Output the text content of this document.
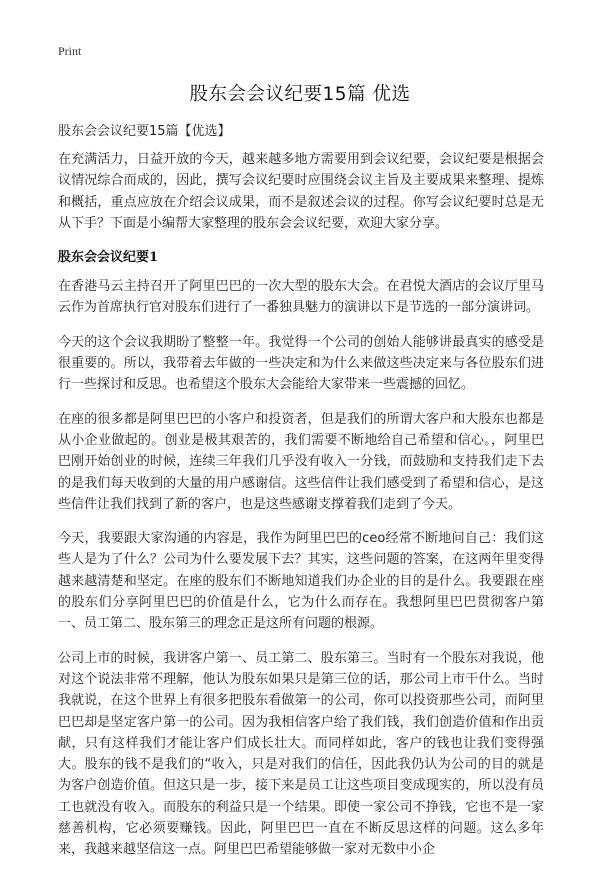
Print
股东会会议纪要15篇 优选
股东会会议纪要15篇【优选】

在充满活力，日益开放的今天，越来越多地方需要用到会议纪要，会议纪要是根据会议情况综合而成的，因此，撰写会议纪要时应围绕会议主旨及主要成果来整理、提炼和概括，重点应放在介绍会议成果，而不是叙述会议的过程。你写会议纪要时总是无从下手？下面是小编帮大家整理的股东会会议纪要，欢迎大家分享。

股东会会议纪要1

在香港马云主持召开了阿里巴巴的一次大型的股东大会。在君悦大酒店的会议厅里马云作为首席执行官对股东们进行了一番独具魅力的演讲以下是节选的一部分演讲词。

今天的这个会议我期盼了整整一年。我觉得一个公司的创始人能够讲最真实的感受是很重要的。所以，我带着去年做的一些决定和为什么来做这些决定来与各位股东们进行一些探讨和反思。也希望这个股东大会能给大家带来一些震撼的回忆。

在座的很多都是阿里巴巴的小客户和投资者，但是我们的所谓大客户和大股东也都是从小企业做起的。创业是极其艰苦的，我们需要不断地给自己希望和信心。，阿里巴巴刚开始创业的时候，连续三年我们几乎没有收入一分钱，而鼓励和支持我们走下去的是我们每天收到的大量的用户感谢信。这些信件让我们感受到了希望和信心，是这些信件让我们找到了新的客户，也是这些感谢支撑着我们走到了今天。

今天，我要跟大家沟通的内容是，我作为阿里巴巴的ceo经常不断地问自己：我们这些人是为了什么？公司为什么要发展下去？其实，这些问题的答案，在这两年里变得越来越清楚和坚定。在座的股东们不断地知道我们办企业的目的是什么。我要跟在座的股东们分享阿里巴巴的价值是什么，它为什么而存在。我想阿里巴巴贯彻客户第一、员工第二、股东第三的理念正是这所有问题的根源。

公司上市的时候，我讲客户第一、员工第二、股东第三。当时有一个股东对我说，他对这个说法非常不理解，他认为股东如果只是第三位的话，那公司上市干什么。当时我就说，在这个世界上有很多把股东看做第一的公司，你可以投资那些公司，而阿里巴巴却是坚定客户第一的公司。因为我相信客户给了我们钱，我们创造价值和作出贡献，只有这样我们才能让客户们成长壮大。而同样如此，客户的钱也让我们变得强大。股东的钱不是我们的“收入，只是对我们的信任，因此我仍认为公司的目的就是为客户创造价值。但这只是一步，接下来是员工让这些项目变成现实的，所以没有员工也就没有收入。而股东的利益只是一个结果。即使一家公司不挣钱，它也不是一家慈善机构，它必须要赚钱。因此，阿里巴巴一直在不断反思这样的问题。这么多年来，我越来越坚信这一点。阿里巴巴希望能够做一家对无数中小企
